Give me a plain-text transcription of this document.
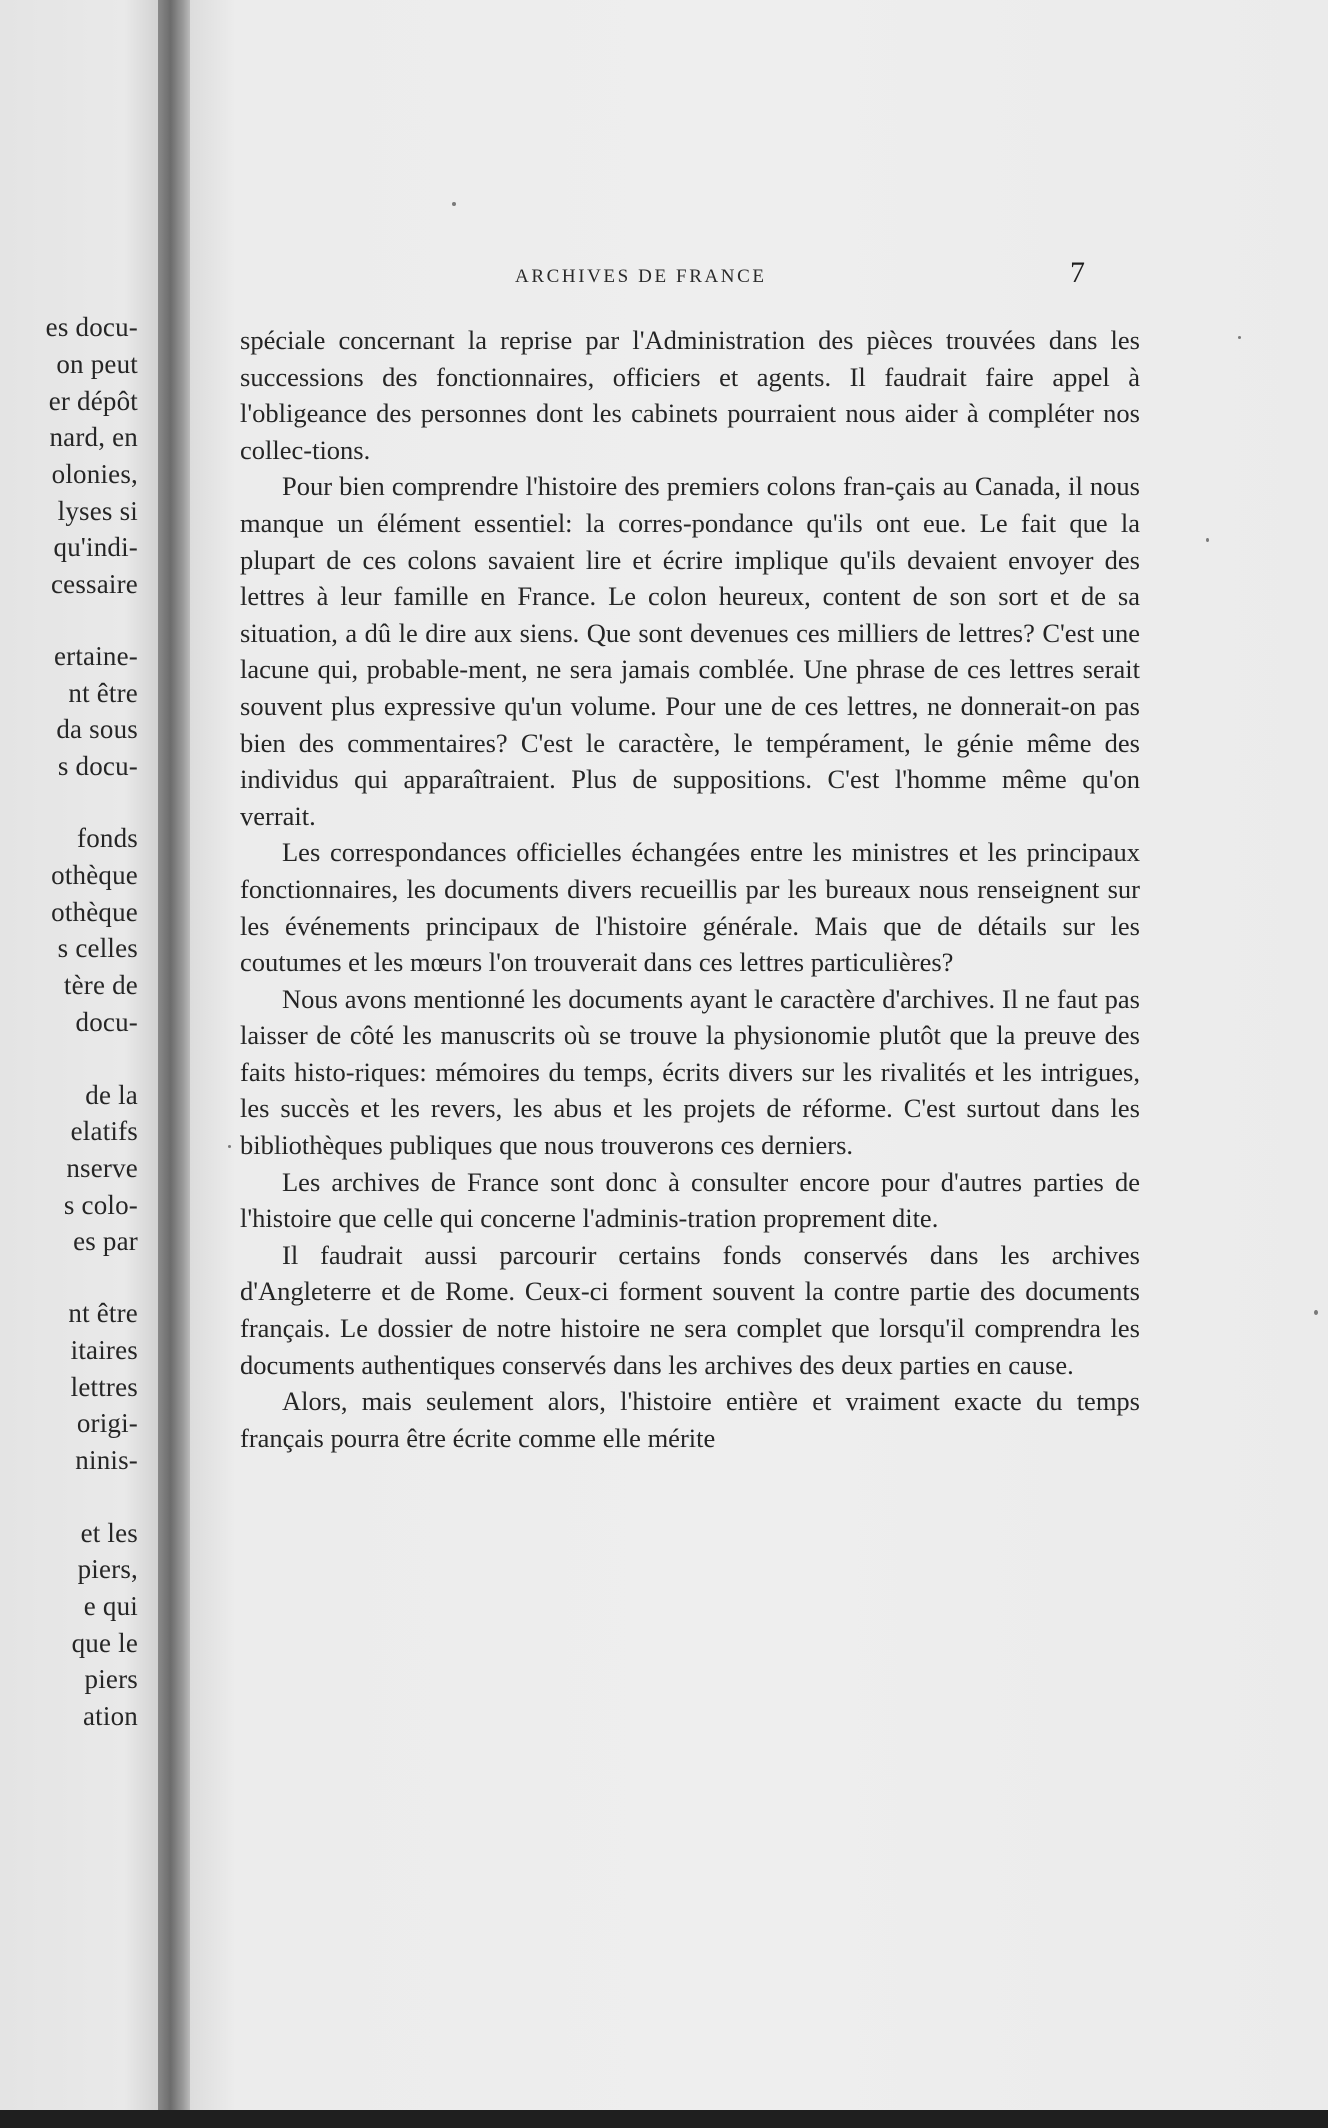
es docu-
on peut
er dépôt
nard, en
olonies,
lyses si
qu'indi-
cessaire
ertaine-
nt être
da sous
s docu-
fonds
othèque
othèque
s celles
tère de
docu-
de la
elatifs
nserve
s colo-
es par
nt être
itaires
lettres
origi-
ninis-
et les
piers,
e qui
que le
piers
ation
ARCHIVES DE FRANCE	7

spéciale concernant la reprise par l'Administration des pièces trouvées dans les successions des fonctionnaires, officiers et agents. Il faudrait faire appel à l'obligeance des personnes dont les cabinets pourraient nous aider à compléter nos collec-tions.

Pour bien comprendre l'histoire des premiers colons fran-çais au Canada, il nous manque un élément essentiel: la corres-pondance qu'ils ont eue. Le fait que la plupart de ces colons savaient lire et écrire implique qu'ils devaient envoyer des lettres à leur famille en France. Le colon heureux, content de son sort et de sa situation, a dû le dire aux siens. Que sont devenues ces milliers de lettres? C'est une lacune qui, probable-ment, ne sera jamais comblée. Une phrase de ces lettres serait souvent plus expressive qu'un volume. Pour une de ces lettres, ne donnerait-on pas bien des commentaires? C'est le caractère, le tempérament, le génie même des individus qui apparaîtraient. Plus de suppositions. C'est l'homme même qu'on verrait.

Les correspondances officielles échangées entre les ministres et les principaux fonctionnaires, les documents divers recueillis par les bureaux nous renseignent sur les événements principaux de l'histoire générale. Mais que de détails sur les coutumes et les mœurs l'on trouverait dans ces lettres particulières?

Nous avons mentionné les documents ayant le caractère d'archives. Il ne faut pas laisser de côté les manuscrits où se trouve la physionomie plutôt que la preuve des faits histo-riques: mémoires du temps, écrits divers sur les rivalités et les intrigues, les succès et les revers, les abus et les projets de réforme. C'est surtout dans les bibliothèques publiques que nous trouverons ces derniers.

Les archives de France sont donc à consulter encore pour d'autres parties de l'histoire que celle qui concerne l'adminis-tration proprement dite.

Il faudrait aussi parcourir certains fonds conservés dans les archives d'Angleterre et de Rome. Ceux-ci forment souvent la contre partie des documents français. Le dossier de notre histoire ne sera complet que lorsqu'il comprendra les documents authentiques conservés dans les archives des deux parties en cause.

Alors, mais seulement alors, l'histoire entière et vraiment exacte du temps français pourra être écrite comme elle mérite
